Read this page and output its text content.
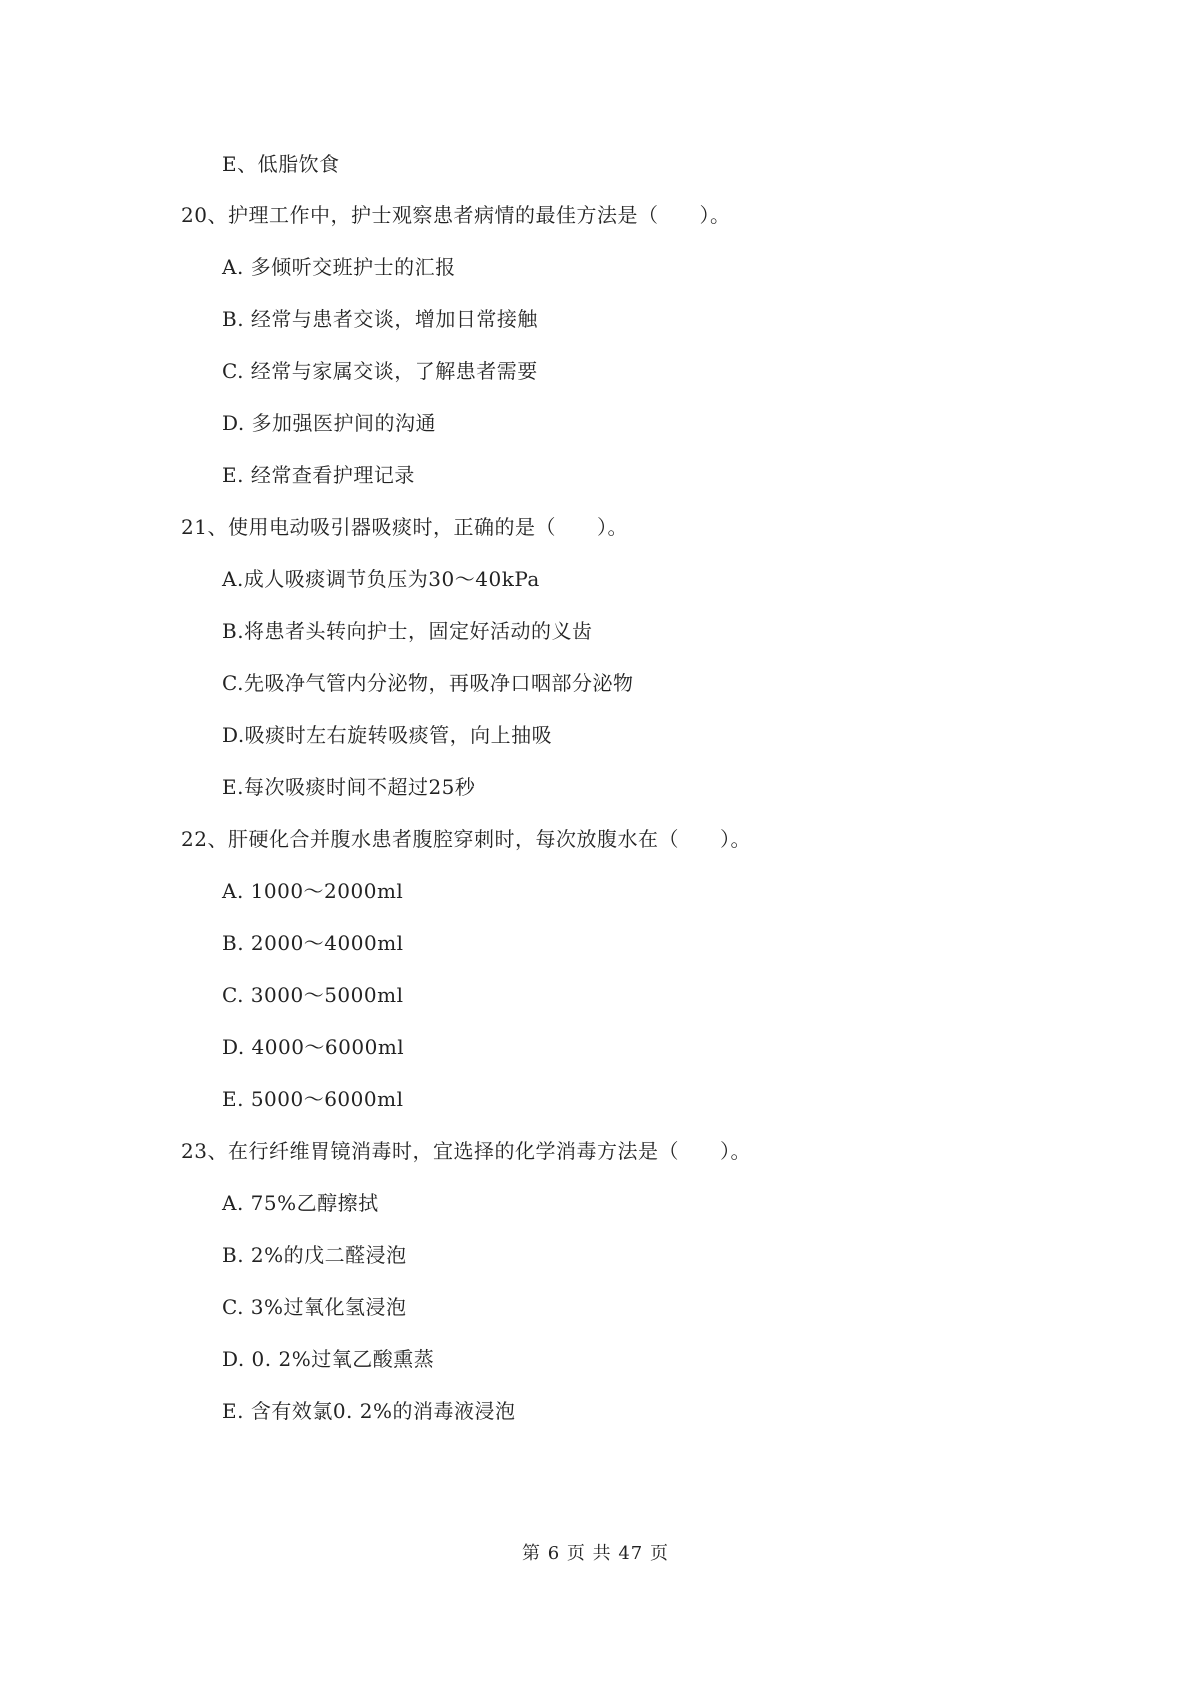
E、低脂饮食
20、护理工作中，护士观察患者病情的最佳方法是（　　）。
A. 多倾听交班护士的汇报
B. 经常与患者交谈，增加日常接触
C. 经常与家属交谈，了解患者需要
D. 多加强医护间的沟通
E. 经常查看护理记录
21、使用电动吸引器吸痰时，正确的是（　　）。
A.成人吸痰调节负压为30～40kPa
B.将患者头转向护士，固定好活动的义齿
C.先吸净气管内分泌物，再吸净口咽部分泌物
D.吸痰时左右旋转吸痰管，向上抽吸
E.每次吸痰时间不超过25秒
22、肝硬化合并腹水患者腹腔穿刺时，每次放腹水在（　　）。
A. 1000～2000ml
B. 2000～4000ml
C. 3000～5000ml
D. 4000～6000ml
E. 5000～6000ml
23、在行纤维胃镜消毒时，宜选择的化学消毒方法是（　　）。
A. 75%乙醇擦拭
B. 2%的戊二醛浸泡
C. 3%过氧化氢浸泡
D. 0. 2%过氧乙酸熏蒸
E. 含有效氯0. 2%的消毒液浸泡
第 6 页 共 47 页
